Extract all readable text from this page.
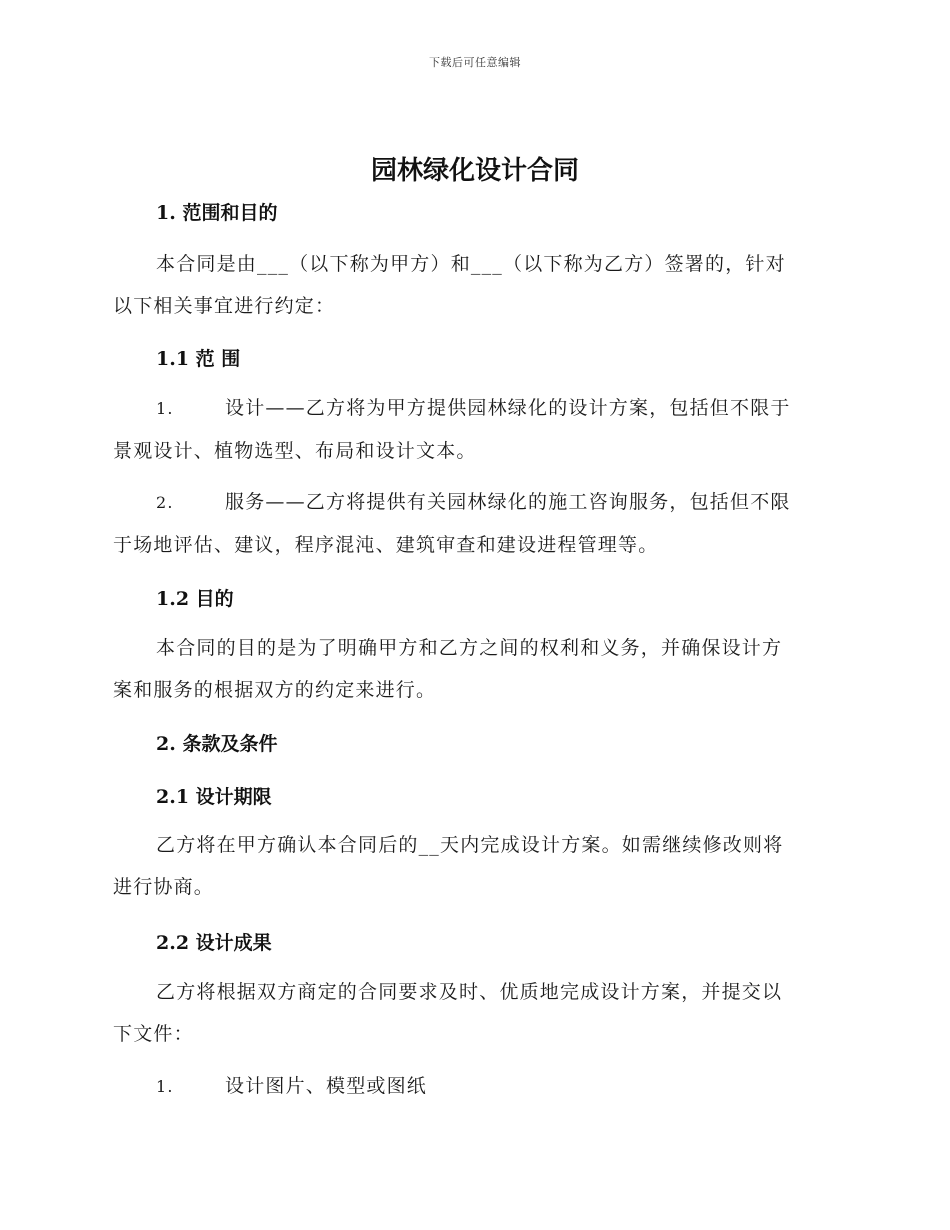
下载后可任意编辑
园林绿化设计合同
1. 范围和目的
本合同是由___（以下称为甲方）和___（以下称为乙方）签署的，针对
以下相关事宜进行约定：
1.1 范 围
1.	设计——乙方将为甲方提供园林绿化的设计方案，包括但不限于
景观设计、植物选型、布局和设计文本。
2.	服务——乙方将提供有关园林绿化的施工咨询服务，包括但不限
于场地评估、建议，程序混沌、建筑审查和建设进程管理等。
1.2 目的
本合同的目的是为了明确甲方和乙方之间的权利和义务，并确保设计方
案和服务的根据双方的约定来进行。
2. 条款及条件
2.1 设计期限
乙方将在甲方确认本合同后的__天内完成设计方案。如需继续修改则将
进行协商。
2.2 设计成果
乙方将根据双方商定的合同要求及时、优质地完成设计方案，并提交以
下文件：
1.	设计图片、模型或图纸
